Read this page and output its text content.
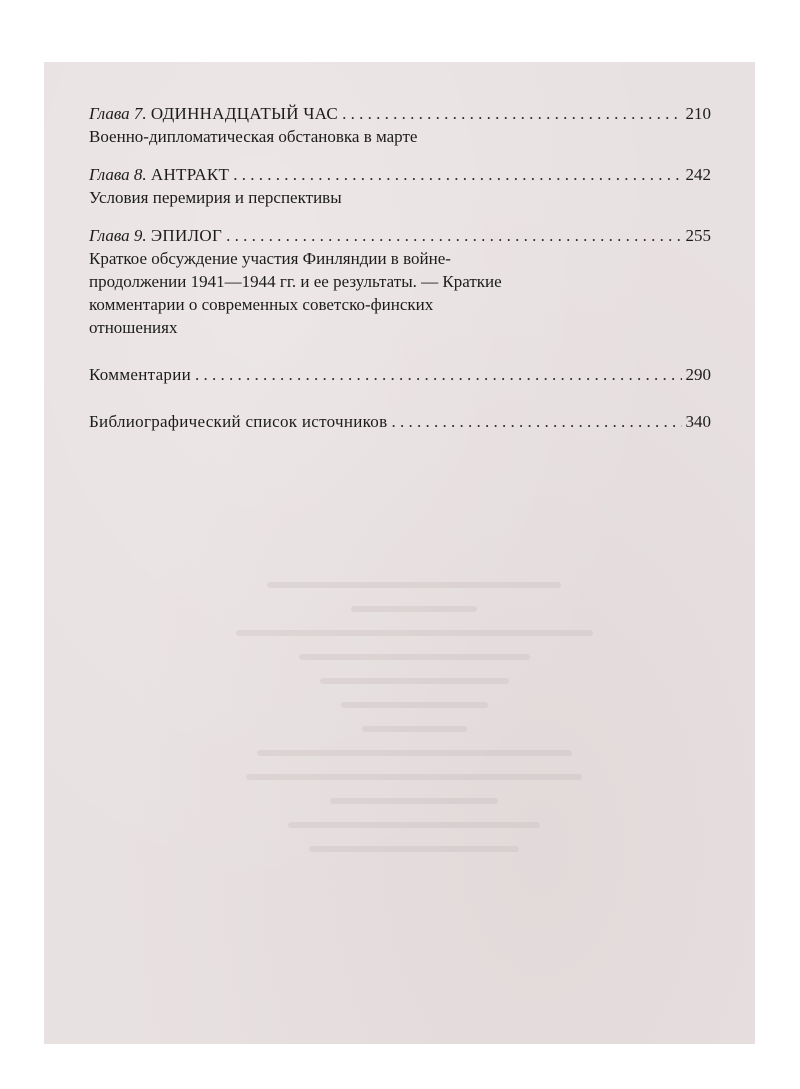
Глава 7.
ОДИННАДЦАТЫЙ ЧАС . . .	210
Военно-дипломатическая обстановка в марте
Глава 8.
АНТРАКТ . . .	242
Условия перемирия и перспективы
Глава 9.
ЭПИЛОГ . . .	255
Краткое обсуждение участия Финляндии в войне-
продолжении 1941—1944 гг. и ее результаты. — Краткие
комментарии о современных советско-финских
отношениях
Комментарии . . .	290
Библиографический список источников . . .	340
